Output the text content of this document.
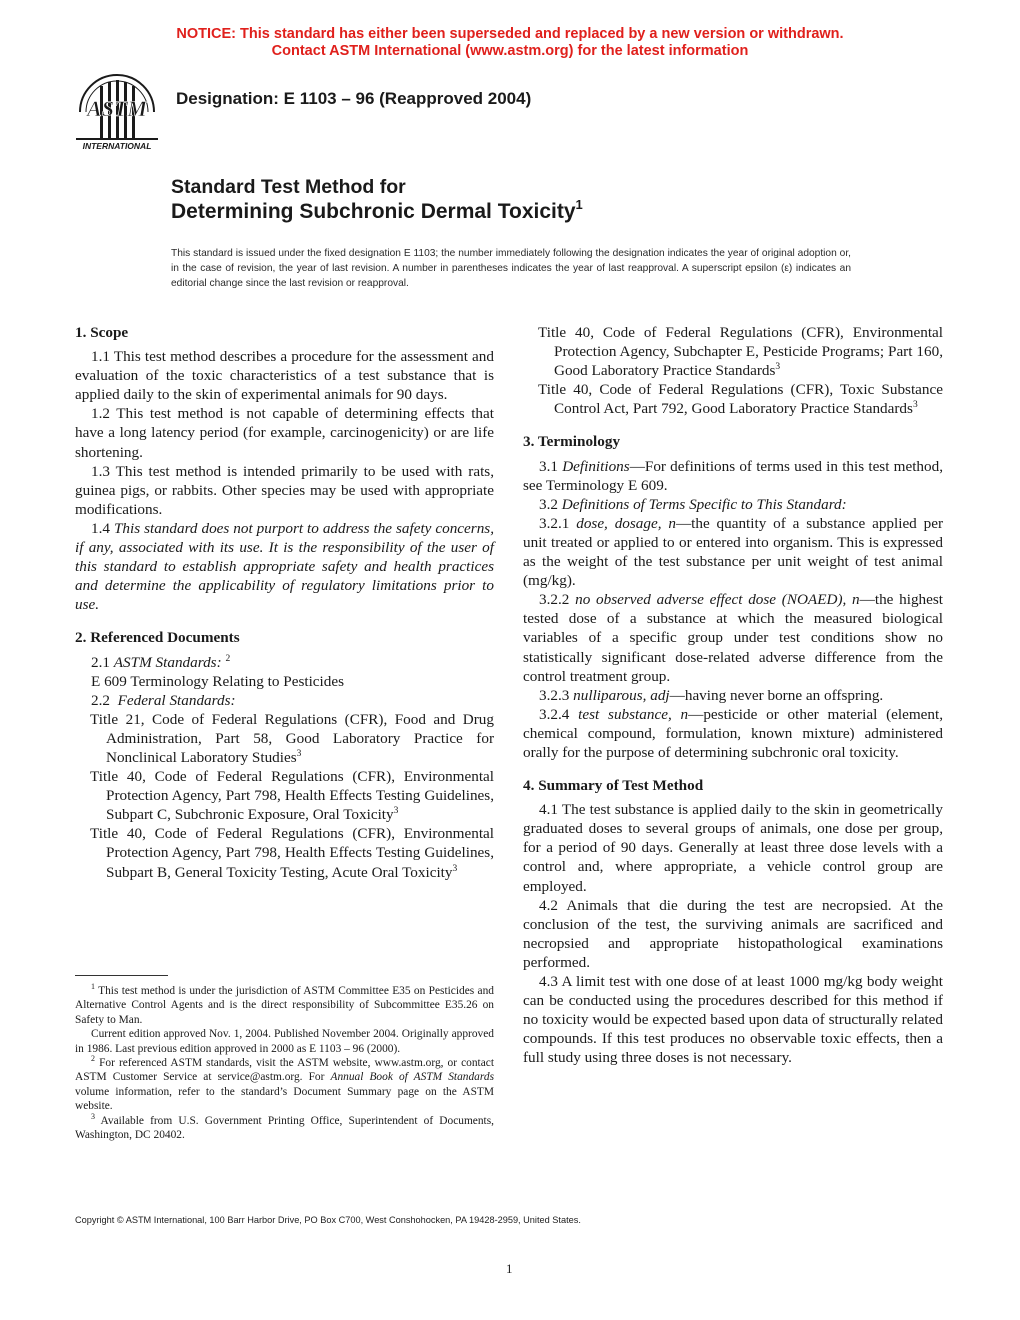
NOTICE: This standard has either been superseded and replaced by a new version or withdrawn.
Contact ASTM International (www.astm.org) for the latest information
ASTM
INTERNATIONAL
Designation: E 1103 – 96 (Reapproved 2004)
Standard Test Method for
Determining Subchronic Dermal Toxicity$^1$
This standard is issued under the fixed designation E 1103; the number immediately following the designation indicates the year of original adoption or, in the case of revision, the year of last revision. A number in parentheses indicates the year of last reapproval. A superscript epsilon (ε) indicates an editorial change since the last revision or reapproval.
1. Scope

1.1 This test method describes a procedure for the assessment and evaluation of the toxic characteristics of a test substance that is applied daily to the skin of experimental animals for 90 days.

1.2 This test method is not capable of determining effects that have a long latency period (for example, carcinogenicity) or are life shortening.

1.3 This test method is intended primarily to be used with rats, guinea pigs, or rabbits. Other species may be used with appropriate modifications.

1.4 This standard does not purport to address the safety concerns, if any, associated with its use. It is the responsibility of the user of this standard to establish appropriate safety and health practices and determine the applicability of regulatory limitations prior to use.

2. Referenced Documents

2.1 ASTM Standards: $^2$

E 609 Terminology Relating to Pesticides

2.2 Federal Standards:

Title 21, Code of Federal Regulations (CFR), Food and Drug Administration, Part 58, Good Laboratory Practice for Nonclinical Laboratory Studies$^3$

Title 40, Code of Federal Regulations (CFR), Environmental Protection Agency, Part 798, Health Effects Testing Guidelines, Subpart C, Subchronic Exposure, Oral Toxicity$^3$

Title 40, Code of Federal Regulations (CFR), Environmental Protection Agency, Part 798, Health Effects Testing Guidelines, Subpart B, General Toxicity Testing, Acute Oral Toxicity$^3$

$^1$ This test method is under the jurisdiction of ASTM Committee E35 on Pesticides and Alternative Control Agents and is the direct responsibility of Subcommittee E35.26 on Safety to Man.

Current edition approved Nov. 1, 2004. Published November 2004. Originally approved in 1986. Last previous edition approved in 2000 as E 1103 – 96 (2000).

$^2$ For referenced ASTM standards, visit the ASTM website, www.astm.org, or contact ASTM Customer Service at service@astm.org. For Annual Book of ASTM Standards volume information, refer to the standard’s Document Summary page on the ASTM website.

$^3$ Available from U.S. Government Printing Office, Superintendent of Documents, Washington, DC 20402.

Title 40, Code of Federal Regulations (CFR), Environmental Protection Agency, Subchapter E, Pesticide Programs; Part 160, Good Laboratory Practice Standards$^3$

Title 40, Code of Federal Regulations (CFR), Toxic Substance Control Act, Part 792, Good Laboratory Practice Standards$^3$

3. Terminology

3.1 Definitions—For definitions of terms used in this test method, see Terminology E 609.

3.2 Definitions of Terms Specific to This Standard:

3.2.1 dose, dosage, n—the quantity of a substance applied per unit treated or applied to or entered into organism. This is expressed as the weight of the test substance per unit weight of test animal (mg/kg).

3.2.2 no observed adverse effect dose (NOAED), n—the highest tested dose of a substance at which the measured biological variables of a specific group under test conditions show no statistically significant dose-related adverse difference from the control treatment group.

3.2.3 nulliparous, adj—having never borne an offspring.

3.2.4 test substance, n—pesticide or other material (element, chemical compound, formulation, known mixture) administered orally for the purpose of determining subchronic oral toxicity.

4. Summary of Test Method

4.1 The test substance is applied daily to the skin in geometrically graduated doses to several groups of animals, one dose per group, for a period of 90 days. Generally at least three dose levels with a control and, where appropriate, a vehicle control group are employed.

4.2 Animals that die during the test are necropsied. At the conclusion of the test, the surviving animals are sacrificed and necropsied and appropriate histopathological examinations performed.

4.3 A limit test with one dose of at least 1000 mg/kg body weight can be conducted using the procedures described for this method if no toxicity would be expected based upon data of structurally related compounds. If this test produces no observable toxic effects, then a full study using three doses is not necessary.

Copyright © ASTM International, 100 Barr Harbor Drive, PO Box C700, West Conshohocken, PA 19428-2959, United States.
1
